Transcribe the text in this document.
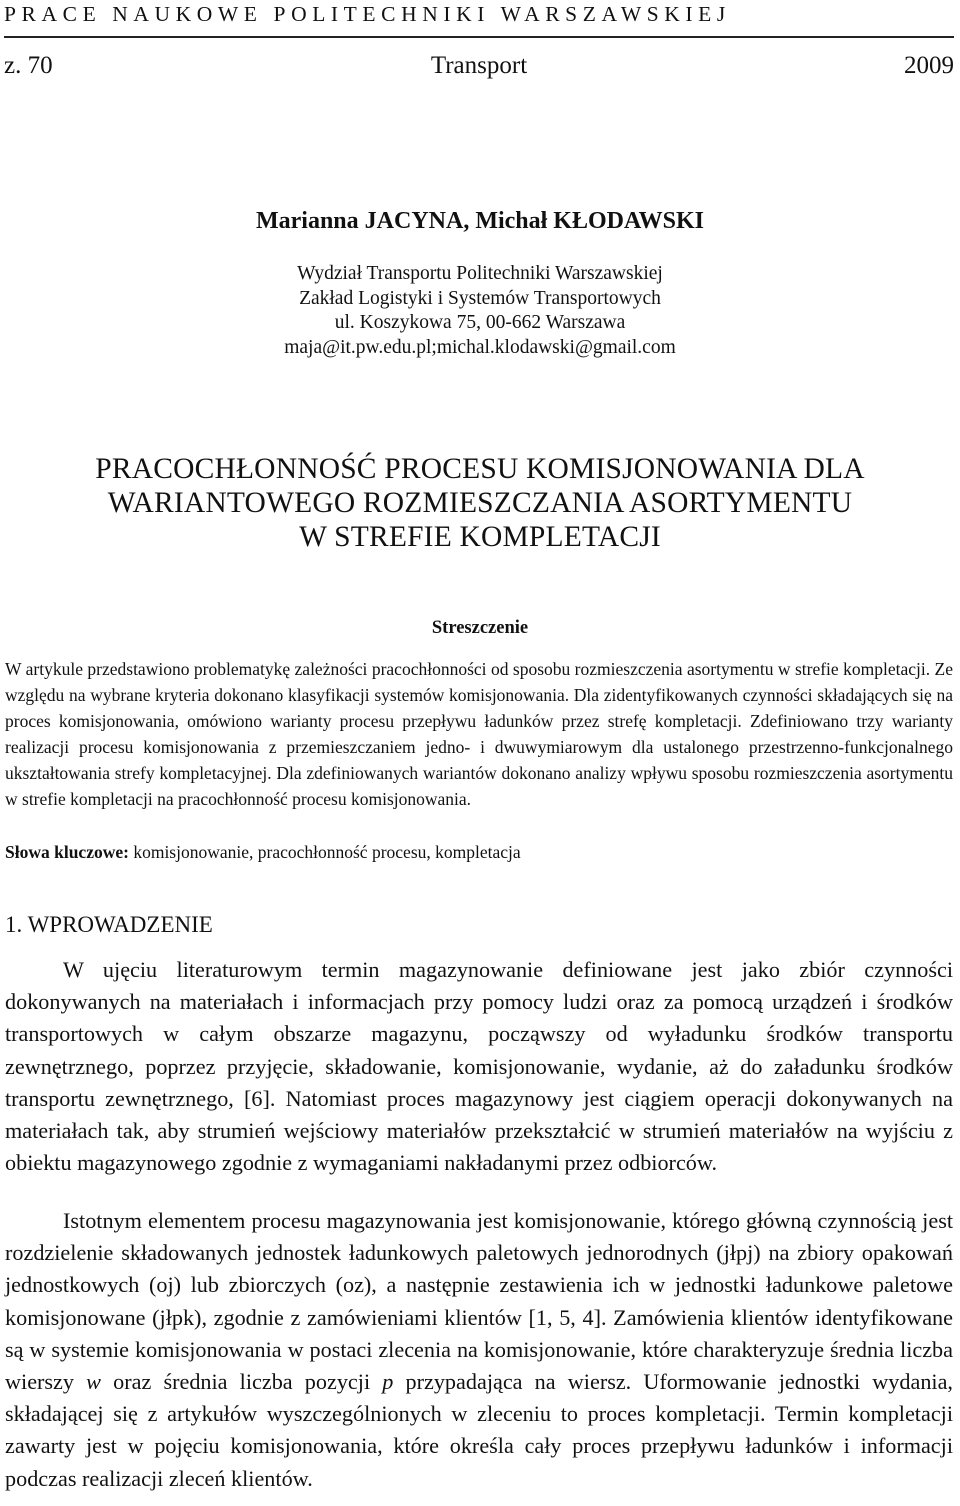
PRACE NAUKOWE POLITECHNIKI WARSZAWSKIEJ
z. 70	Transport	2009
Marianna JACYNA, Michał KŁODAWSKI
Wydział Transportu Politechniki Warszawskiej
Zakład Logistyki i Systemów Transportowych
ul. Koszykowa 75, 00-662 Warszawa
maja@it.pw.edu.pl;michal.klodawski@gmail.com
PRACOCHŁONNOŚĆ PROCESU KOMISJONOWANIA DLA
WARIANTOWEGO ROZMIESZCZANIA ASORTYMENTU
W STREFIE KOMPLETACJI
Streszczenie
W artykule przedstawiono problematykę zależności pracochłonności od sposobu rozmieszczenia asortymentu w strefie kompletacji. Ze względu na wybrane kryteria dokonano klasyfikacji systemów komisjonowania. Dla zidentyfikowanych czynności składających się na proces komisjonowania, omówiono warianty procesu przepływu ładunków przez strefę kompletacji. Zdefiniowano trzy warianty realizacji procesu komisjonowania z przemieszczaniem jedno- i dwuwymiarowym dla ustalonego przestrzenno-funkcjonalnego ukształtowania strefy kompletacyjnej. Dla zdefiniowanych wariantów dokonano analizy wpływu sposobu rozmieszczenia asortymentu w strefie kompletacji na pracochłonność procesu komisjonowania.
Słowa kluczowe: komisjonowanie, pracochłonność procesu, kompletacja
1. WPROWADZENIE
W ujęciu literaturowym termin magazynowanie definiowane jest jako zbiór czynności dokonywanych na materiałach i informacjach przy pomocy ludzi oraz za pomocą urządzeń i środków transportowych w całym obszarze magazynu, począwszy od wyładunku środków transportu zewnętrznego, poprzez przyjęcie, składowanie, komisjonowanie, wydanie, aż do załadunku środków transportu zewnętrznego, [6]. Natomiast proces magazynowy jest ciągiem operacji dokonywanych na materiałach tak, aby strumień wejściowy materiałów przekształcić w strumień materiałów na wyjściu z obiektu magazynowego zgodnie z wymaganiami nakładanymi przez odbiorców.
Istotnym elementem procesu magazynowania jest komisjonowanie, którego główną czynnością jest rozdzielenie składowanych jednostek ładunkowych paletowych jednorodnych (jłpj) na zbiory opakowań jednostkowych (oj) lub zbiorczych (oz), a następnie zestawienia ich w jednostki ładunkowe paletowe komisjonowane (jłpk), zgodnie z zamówieniami klientów [1, 5, 4]. Zamówienia klientów identyfikowane są w systemie komisjonowania w postaci zlecenia na komisjonowanie, które charakteryzuje średnia liczba wierszy w oraz średnia liczba pozycji p przypadająca na wiersz. Uformowanie jednostki wydania, składającej się z artykułów wyszczególnionych w zleceniu to proces kompletacji. Termin kompletacji zawarty jest w pojęciu komisjonowania, które określa cały proces przepływu ładunków i informacji podczas realizacji zleceń klientów.
